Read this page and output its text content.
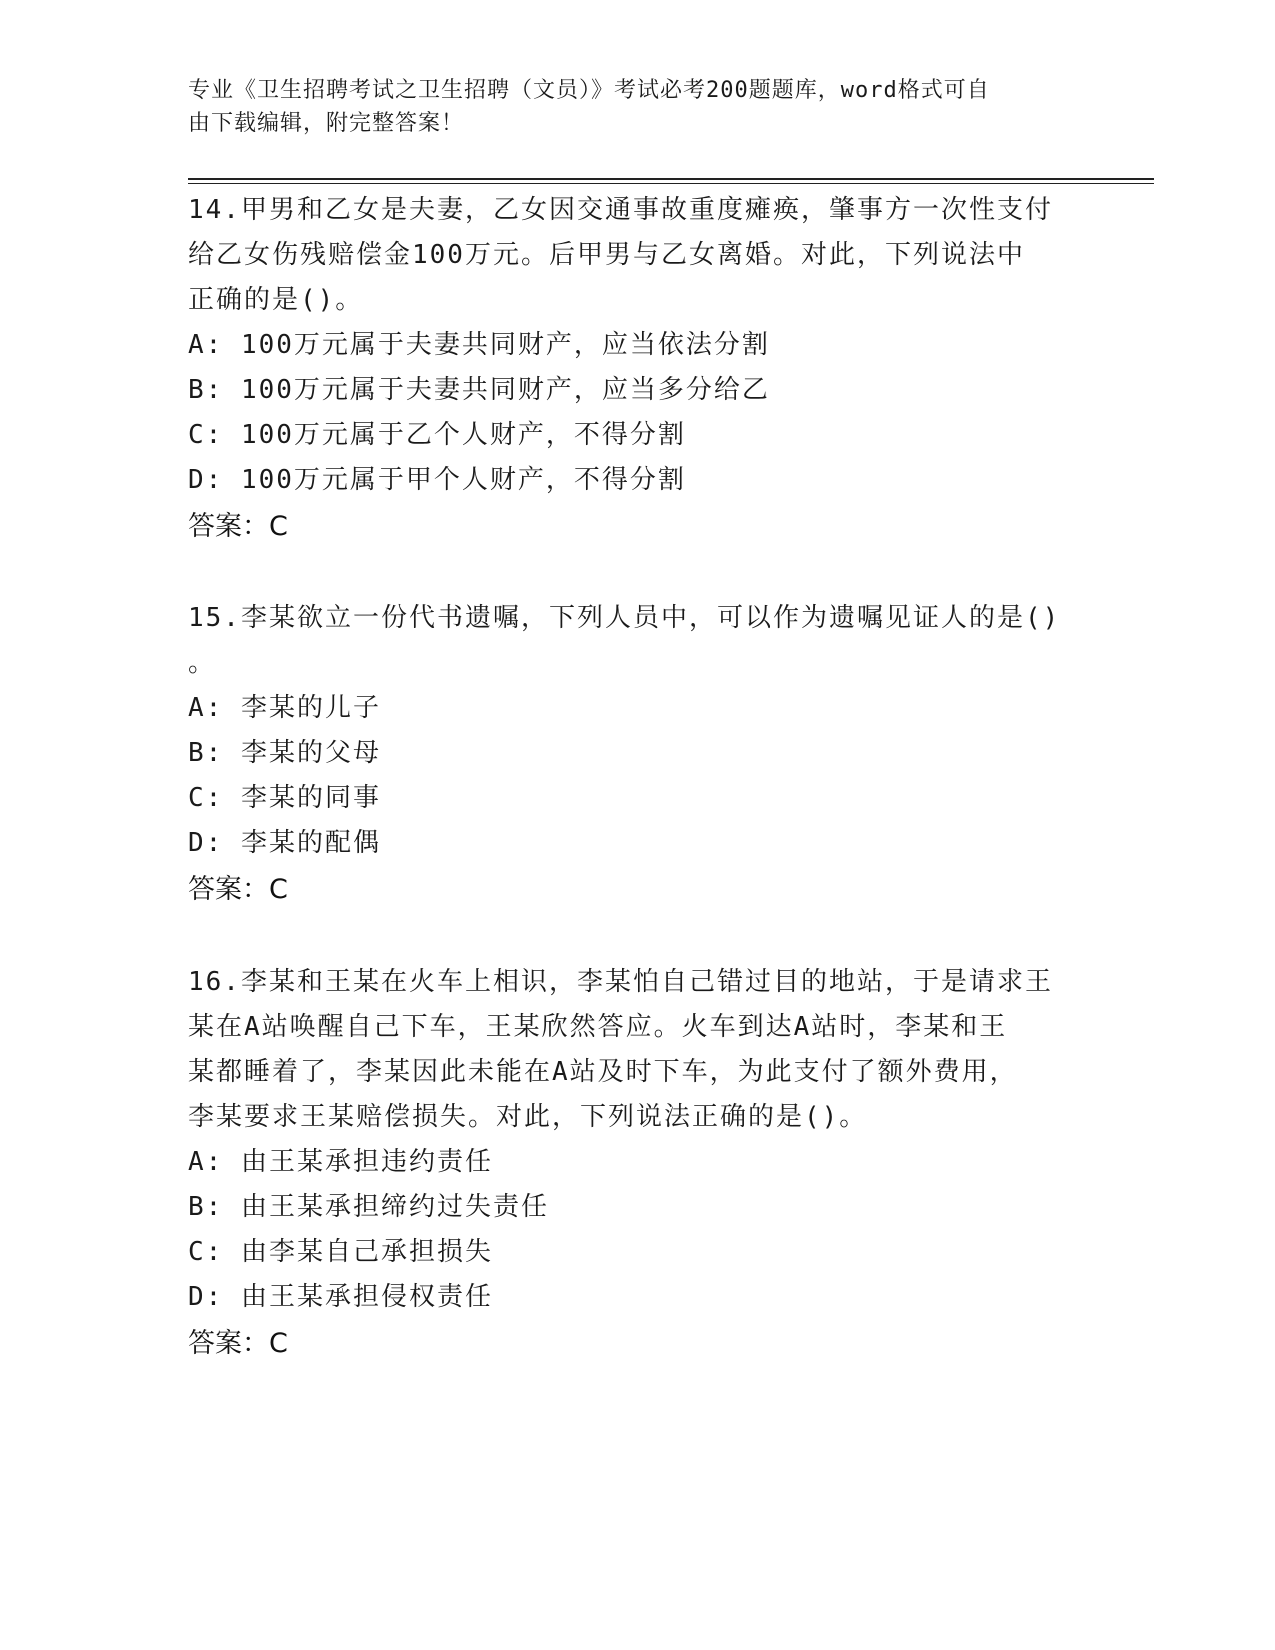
专业《卫生招聘考试之卫生招聘（文员）》考试必考200题题库，word格式可自
由下载编辑，附完整答案！
14.甲男和乙女是夫妻，乙女因交通事故重度瘫痪，肇事方一次性支付
给乙女伤残赔偿金100万元。后甲男与乙女离婚。对此，下列说法中
正确的是()。
A: 100万元属于夫妻共同财产，应当依法分割
B: 100万元属于夫妻共同财产，应当多分给乙
C: 100万元属于乙个人财产，不得分割
D: 100万元属于甲个人财产，不得分割
答案：C
15.李某欲立一份代书遗嘱，下列人员中，可以作为遗嘱见证人的是()
。
A: 李某的儿子
B: 李某的父母
C: 李某的同事
D: 李某的配偶
答案：C
16.李某和王某在火车上相识，李某怕自己错过目的地站，于是请求王
某在A站唤醒自己下车，王某欣然答应。火车到达A站时，李某和王
某都睡着了，李某因此未能在A站及时下车，为此支付了额外费用，
李某要求王某赔偿损失。对此，下列说法正确的是()。
A: 由王某承担违约责任
B: 由王某承担缔约过失责任
C: 由李某自己承担损失
D: 由王某承担侵权责任
答案：C
